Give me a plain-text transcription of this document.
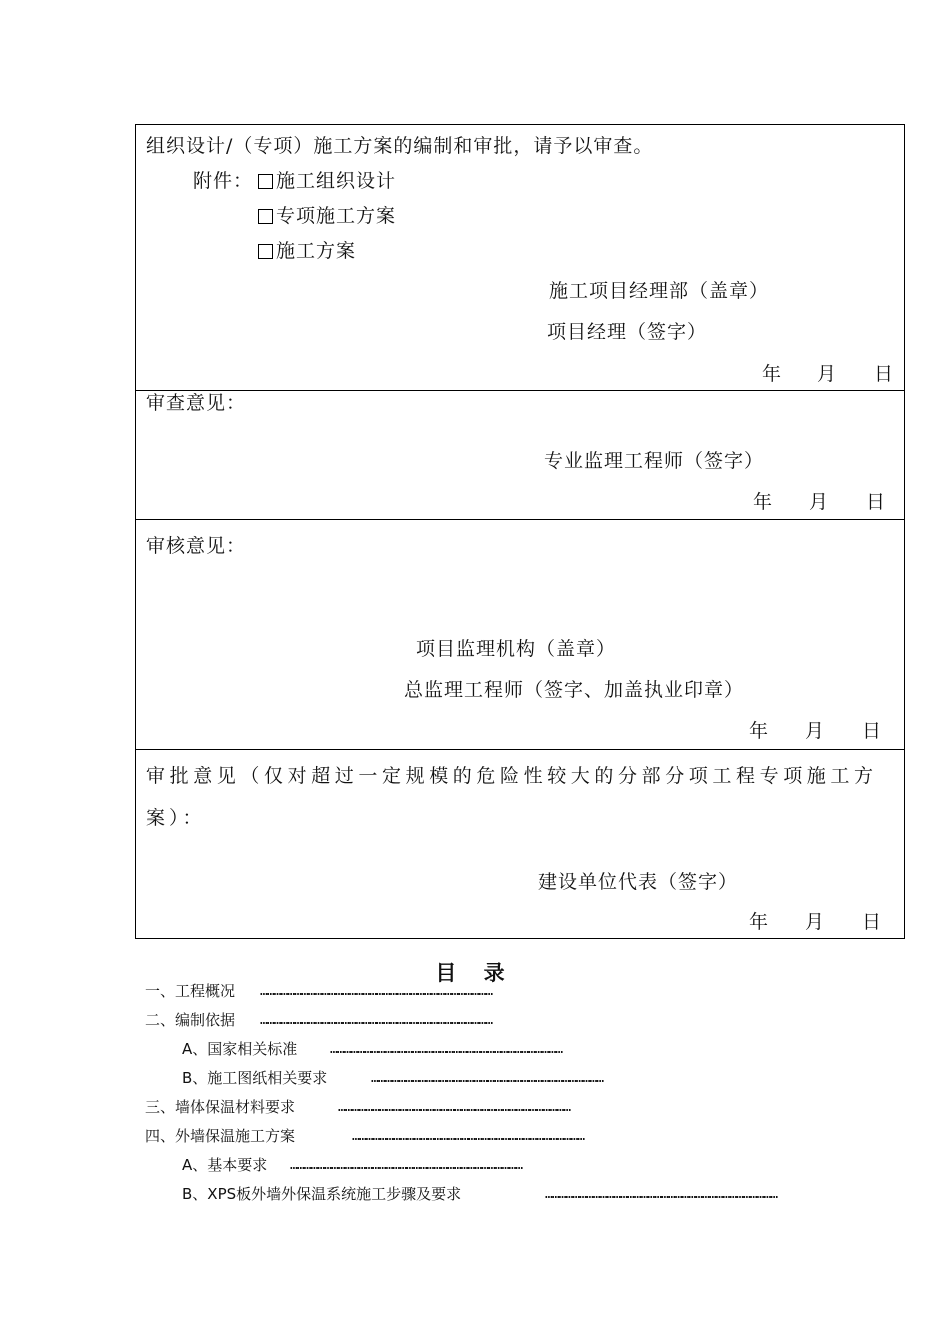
组织设计/（专项）施工方案的编制和审批，请予以审查。
附件：	施工组织设计
专项施工方案
施工方案
施工项目经理部（盖章）
项目经理（签字）
年 月 日
审查意见：
专业监理工程师（签字）
年 月 日
审核意见：
项目监理机构（盖章）
总监理工程师（签字、加盖执业印章）
年 月 日
审批意见（仅对超过一定规模的危险性较大的分部分项工程专项施工方
案）：
建设单位代表（签字）
年 月 日
目 录
一、工程概况 …………………………………………………………………………………………
二、编制依据 …………………………………………………………………………………………
A、国家相关标准	…………………………………………………………………………………………
B、施工图纸相关要求	…………………………………………………………………………………………
三、墙体保温材料要求	…………………………………………………………………………………………
四、外墙保温施工方案	…………………………………………………………………………………………
A、基本要求 …………………………………………………………………………………………
B、XPS板外墙外保温系统施工步骤及要求	…………………………………………………………………………………………
